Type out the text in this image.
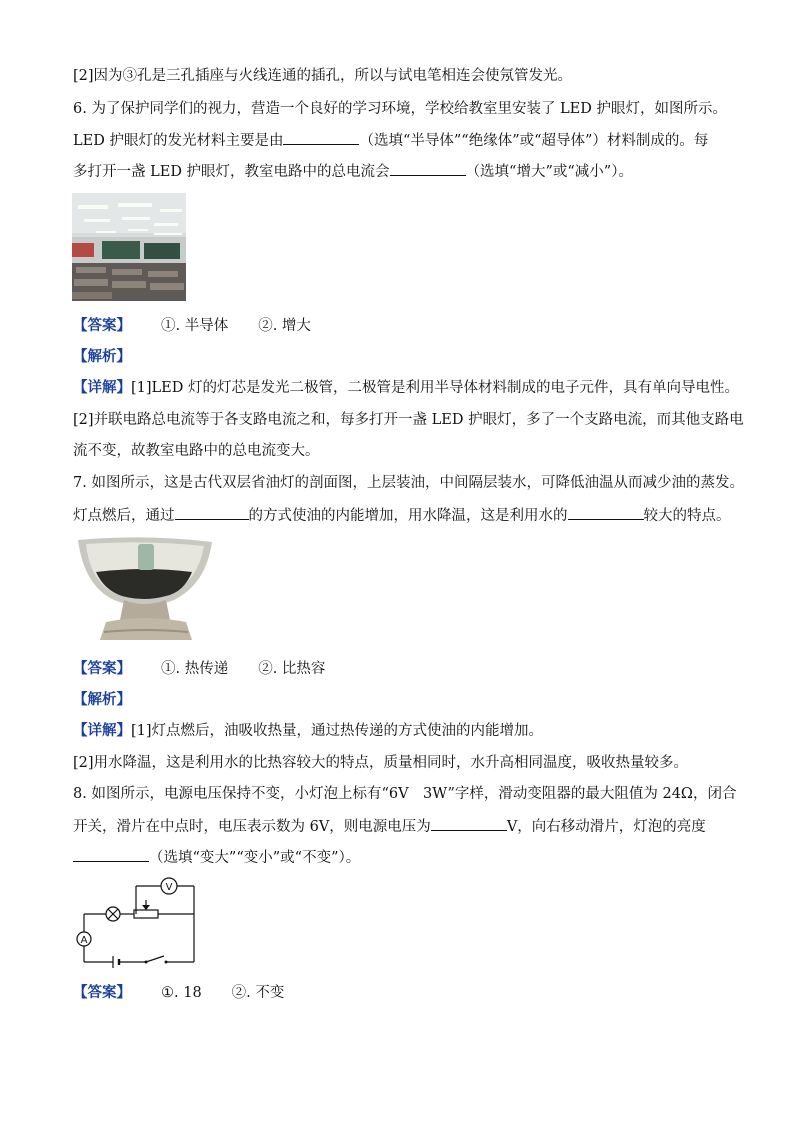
[2]因为③孔是三孔插座与火线连通的插孔，所以与试电笔相连会使氖管发光。
6. 为了保护同学们的视力，营造一个良好的学习环境，学校给教室里安装了 LED 护眼灯，如图所示。
LED 护眼灯的发光材料主要是由	（选填“半导体”“绝缘体”或“超导体”）材料制成的。每
多打开一盏 LED 护眼灯，教室电路中的总电流会	（选填“增大”或“减小”）。
【答案】 ①. 半导体 ②. 增大
【解析】
【详解】[1]LED 灯的灯芯是发光二极管，二极管是利用半导体材料制成的电子元件，具有单向导电性。
[2]并联电路总电流等于各支路电流之和，每多打开一盏 LED 护眼灯，多了一个支路电流，而其他支路电
流不变，故教室电路中的总电流变大。
7. 如图所示，这是古代双层省油灯的剖面图，上层装油，中间隔层装水，可降低油温从而减少油的蒸发。
灯点燃后，通过	的方式使油的内能增加，用水降温，这是利用水的	较大的特点。
【答案】 ①. 热传递 ②. 比热容
【解析】
【详解】[1]灯点燃后，油吸收热量，通过热传递的方式使油的内能增加。
[2]用水降温，这是利用水的比热容较大的特点，质量相同时，水升高相同温度，吸收热量较多。
8. 如图所示，电源电压保持不变，小灯泡上标有“6V　3W”字样，滑动变阻器的最大阻值为 24Ω，闭合
开关，滑片在中点时，电压表示数为 6V，则电源电压为	V，向右移动滑片，灯泡的亮度
（选填“变大”“变小”或“不变”）。
V
A
【答案】 ①. 18 ②. 不变
